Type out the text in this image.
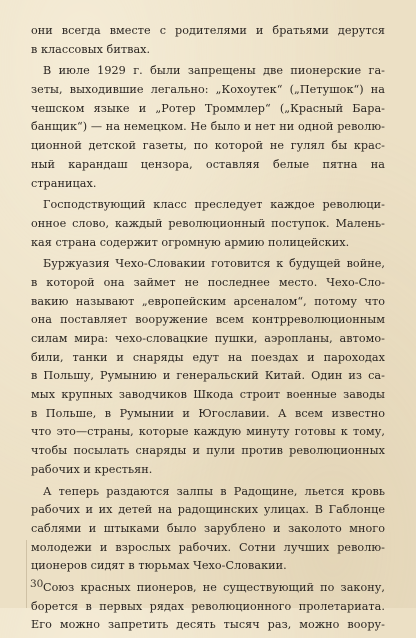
они всегда вместе с родителями и братьями дерутся
в классовых битвах.
В июле 1929 г. были запрещены две пионерские га-
зеты, выходившие легально: „Кохоутек“ („Петушок“) на
чешском языке и „Ротер Троммлер“ („Красный Бара-
банщик“) — на немецком. Не было и нет ни одной револю-
ционной детской газеты, по которой не гулял бы крас-
ный карандаш цензора, оставляя белые пятна на
страницах.
Господствующий класс преследует каждое революци-
онное слово, каждый революционный поступок. Малень-
кая страна содержит огромную армию полицейских.
Буржуазия Чехо-Словакии готовится к будущей войне,
в которой она займет не последнее место. Чехо-Сло-
вакию называют „европейским арсеналом“, потому что
она поставляет вооружение всем контрреволюционным
силам мира: чехо-словацкие пушки, аэропланы, автомо-
били, танки и снаряды едут на поездах и пароходах
в Польшу, Румынию и генеральский Китай. Один из са-
мых крупных заводчиков Шкода строит военные заводы
в Польше, в Румынии и Югославии. А всем известно
что это—страны, которые каждую минуту готовы к тому,
чтобы посылать снаряды и пули против революционных
рабочих и крестьян.
А теперь раздаются залпы в Радощине, льется кровь
рабочих и их детей на радощинских улицах. В Габлонце
саблями и штыками было зарублено и заколото много
молодежи и взрослых рабочих. Сотни лучших револю-
ционеров сидят в тюрьмах Чехо-Словакии.
Союз красных пионеров, не существующий по закону,
борется в первых рядах революционного пролетариата.
Его можно запретить десять тысяч раз, можно воору-
30
